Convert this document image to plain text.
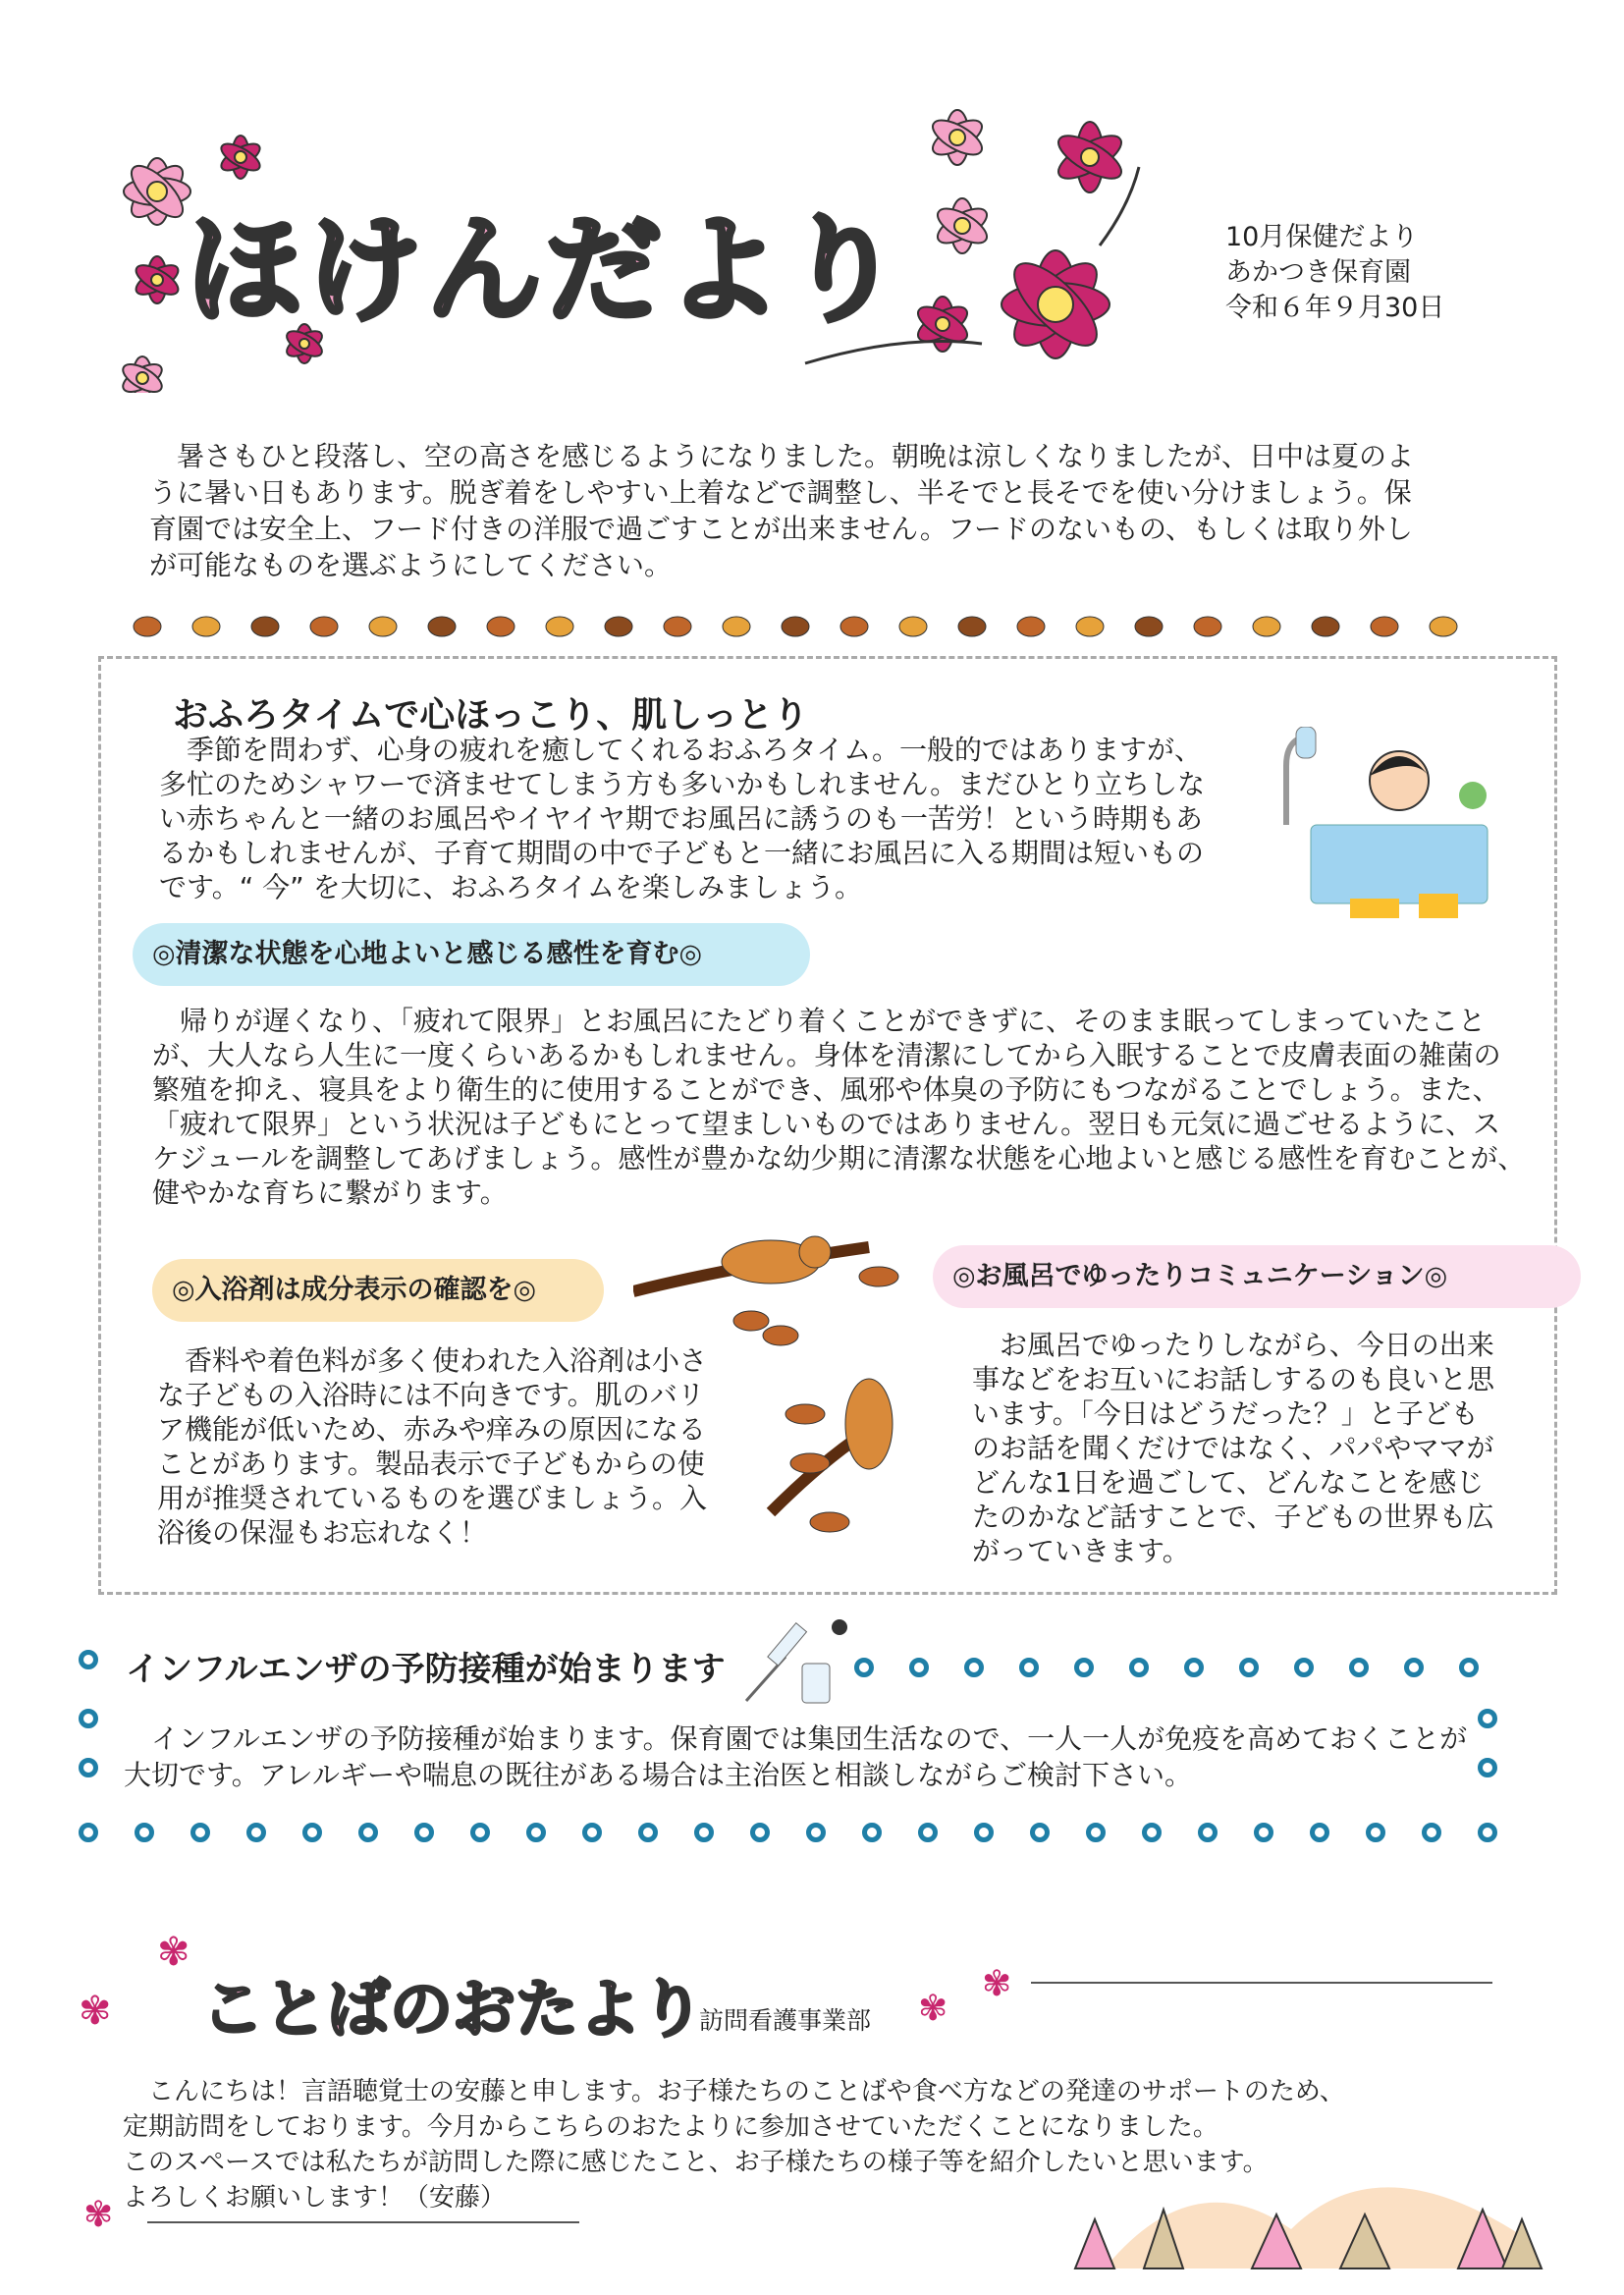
ほけんだより	10月保健だより
あかつき保育園
令和６年９月30日
　暑さもひと段落し、空の高さを感じるようになりました。朝晩は涼しくなりましたが、日中は夏のように暑い日もあります。脱ぎ着をしやすい上着などで調整し、半そでと長そでを使い分けましょう。保育園では安全上、フード付きの洋服で過ごすことが出来ません。フードのないもの、もしくは取り外しが可能なものを選ぶようにしてください。
おふろタイムで心ほっこり、肌しっとり
　季節を問わず、心身の疲れを癒してくれるおふろタイム。一般的ではありますが、多忙のためシャワーで済ませてしまう方も多いかもしれません。まだひとり立ちしない赤ちゃんと一緒のお風呂やイヤイヤ期でお風呂に誘うのも一苦労！という時期もあるかもしれませんが、子育て期間の中で子どもと一緒にお風呂に入る期間は短いものです。“ 今” を大切に、おふろタイムを楽しみましょう。
◎清潔な状態を心地よいと感じる感性を育む◎
　帰りが遅くなり、「疲れて限界」とお風呂にたどり着くことができずに、そのまま眠ってしまっていたことが、大人なら人生に一度くらいあるかもしれません。身体を清潔にしてから入眠することで皮膚表面の雑菌の繁殖を抑え、寝具をより衛生的に使用することができ、風邪や体臭の予防にもつながることでしょう。また、「疲れて限界」という状況は子どもにとって望ましいものではありません。翌日も元気に過ごせるように、スケジュールを調整してあげましょう。感性が豊かな幼少期に清潔な状態を心地よいと感じる感性を育むことが、健やかな育ちに繋がります。
◎入浴剤は成分表示の確認を◎
　香料や着色料が多く使われた入浴剤は小さな子どもの入浴時には不向きです。肌のバリア機能が低いため、赤みや痒みの原因になることがあります。製品表示で子どもからの使用が推奨されているものを選びましょう。入浴後の保湿もお忘れなく！
◎お風呂でゆったりコミュニケーション◎
　お風呂でゆったりしながら、今日の出来事などをお互いにお話しするのも良いと思います。「今日はどうだった？」と子どものお話を聞くだけではなく、パパやママがどんな1日を過ごして、どんなことを感じたのかなど話すことで、子どもの世界も広がっていきます。
インフルエンザの予防接種が始まります
　インフルエンザの予防接種が始まります。保育園では集団生活なので、一人一人が免疫を高めておくことが大切です。アレルギーや喘息の既往がある場合は主治医と相談しながらご検討下さい。
✾
✾ ことばのおたより
訪問看護事業部 ✾
✾
　こんにちは！言語聴覚士の安藤と申します。お子様たちのことばや食べ方などの発達のサポートのため、定期訪問をしております。今月からこちらのおたよりに参加させていただくことになりました。
このスペースでは私たちが訪問した際に感じたこと、お子様たちの様子等を紹介したいと思います。
よろしくお願いします！（安藤）
✾
